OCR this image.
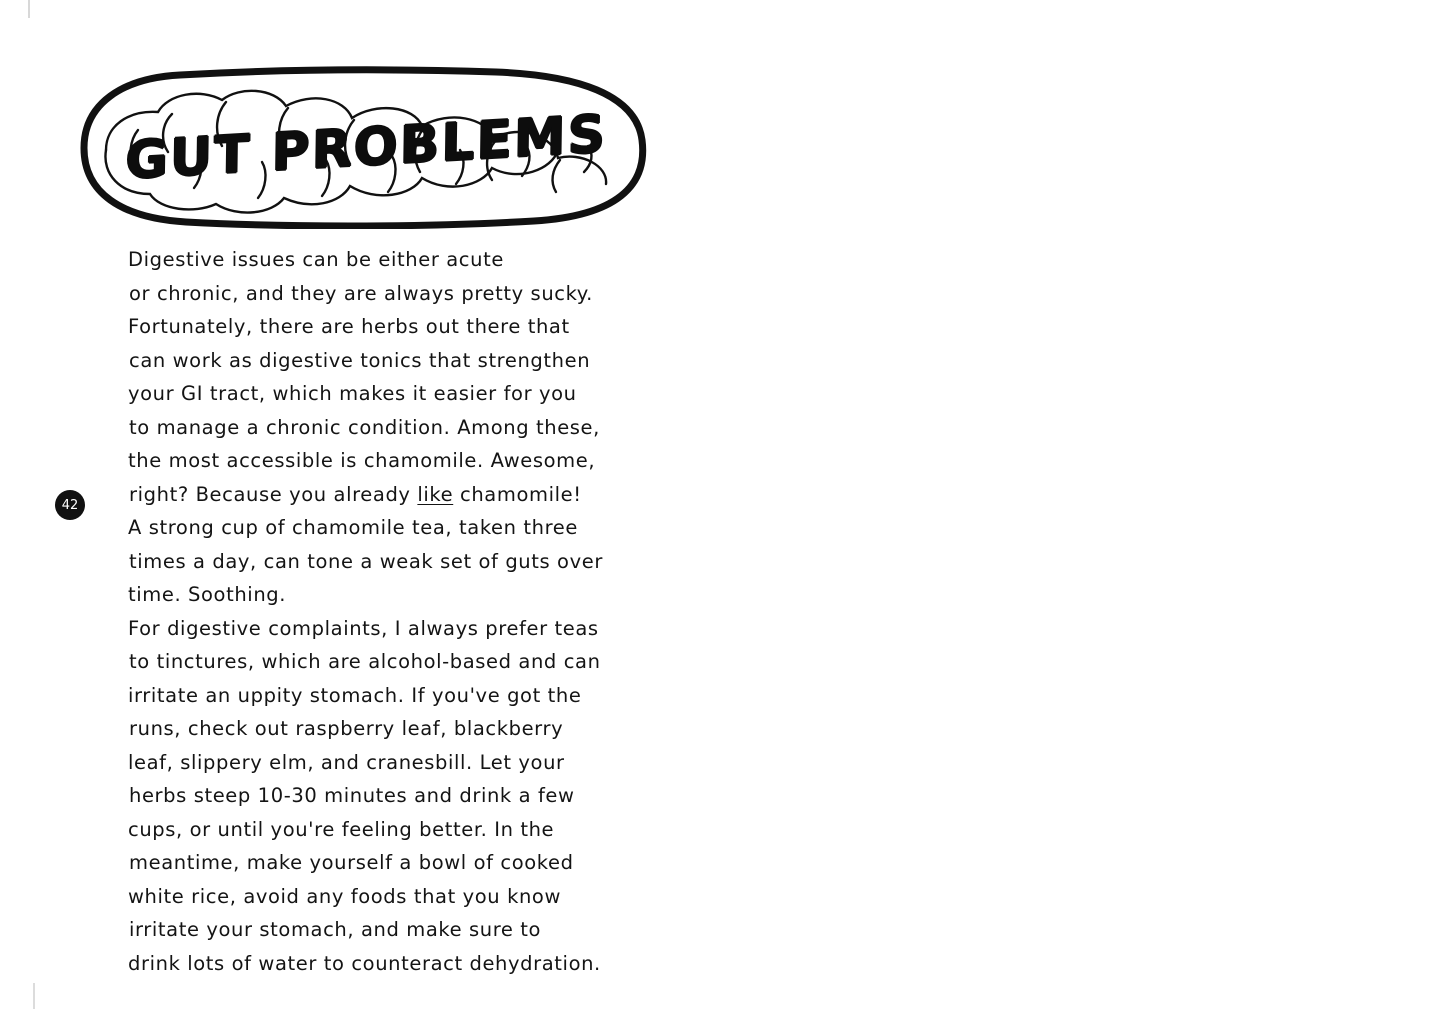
GUT PROBLEMS

Digestive issues can be either acute
or chronic, and they are always pretty sucky.
Fortunately, there are herbs out there that
can work as digestive tonics that strengthen
your GI tract, which makes it easier for you
to manage a chronic condition. Among these,
the most accessible is chamomile. Awesome,
right? Because you already like chamomile!
A strong cup of chamomile tea, taken three
times a day, can tone a weak set of guts over
time. Soothing.

For digestive complaints, I always prefer teas
to tinctures, which are alcohol-based and can
irritate an uppity stomach. If you've got the
runs, check out raspberry leaf, blackberry
leaf, slippery elm, and cranesbill. Let your
herbs steep 10-30 minutes and drink a few
cups, or until you're feeling better. In the
meantime, make yourself a bowl of cooked
white rice, avoid any foods that you know
irritate your stomach, and make sure to
drink lots of water to counteract dehydration.

42
